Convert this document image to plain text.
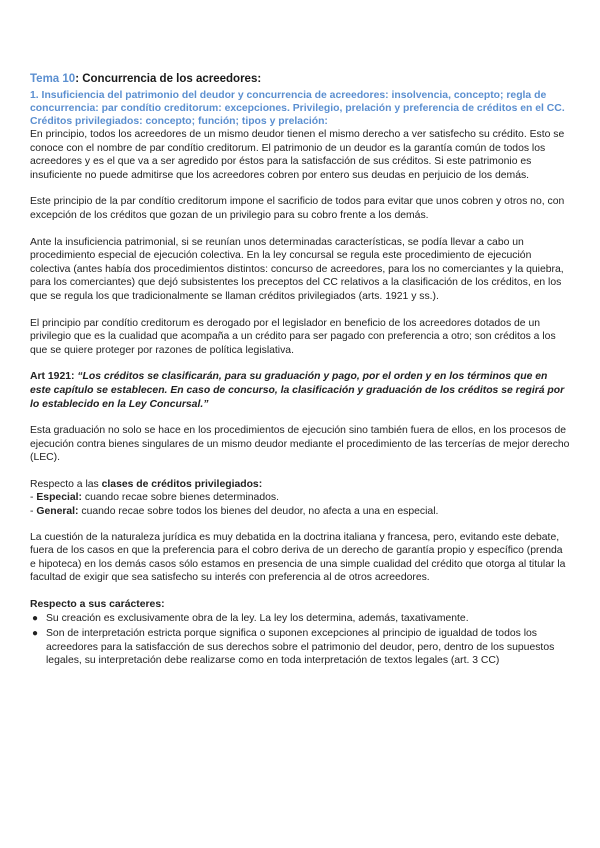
Tema 10: Concurrencia de los acreedores:
1. Insuficiencia del patrimonio del deudor y concurrencia de acreedores: insolvencia, concepto; regla de concurrencia: par condítio creditorum: excepciones. Privilegio, prelación y preferencia de créditos en el CC. Créditos privilegiados: concepto; función; tipos y prelación:

En principio, todos los acreedores de un mismo deudor tienen el mismo derecho a ver satisfecho su crédito. Esto se conoce con el nombre de par condítio creditorum. El patrimonio de un deudor es la garantía común de todos los acreedores y es el que va a ser agredido por éstos para la satisfacción de sus créditos. Si este patrimonio es insuficiente no puede admitirse que los acreedores cobren por entero sus deudas en perjuicio de los demás.

Este principio de la par condítio creditorum impone el sacrificio de todos para evitar que unos cobren y otros no, con excepción de los créditos que gozan de un privilegio para su cobro frente a los demás.

Ante la insuficiencia patrimonial, si se reunían unos determinadas características, se podía llevar a cabo un procedimiento especial de ejecución colectiva. En la ley concursal se regula este procedimiento de ejecución colectiva (antes había dos procedimientos distintos: concurso de acreedores, para los no comerciantes y la quiebra, para los comerciantes) que dejó subsistentes los preceptos del CC relativos a la clasificación de los créditos, en los que se regula los que tradicionalmente se llaman créditos privilegiados (arts. 1921 y ss.).

El principio par condítio creditorum es derogado por el legislador en beneficio de los acreedores dotados de un privilegio que es la cualidad que acompaña a un crédito para ser pagado con preferencia a otro; son créditos a los que se quiere proteger por razones de política legislativa.

Art 1921: “Los créditos se clasificarán, para su graduación y pago, por el orden y en los términos que en este capítulo se establecen. En caso de concurso, la clasificación y graduación de los créditos se regirá por lo establecido en la Ley Concursal.”

Esta graduación no solo se hace en los procedimientos de ejecución sino también fuera de ellos, en los procesos de ejecución contra bienes singulares de un mismo deudor mediante el procedimiento de las tercerías de mejor derecho (LEC).

Respecto a las clases de créditos privilegiados:

- Especial: cuando recae sobre bienes determinados.
- General: cuando recae sobre todos los bienes del deudor, no afecta a una en especial.

La cuestión de la naturaleza jurídica es muy debatida en la doctrina italiana y francesa, pero, evitando este debate, fuera de los casos en que la preferencia para el cobro deriva de un derecho de garantía propio y específico (prenda e hipoteca) en los demás casos sólo estamos en presencia de una simple cualidad del crédito que otorga al titular la facultad de exigir que sea satisfecho su interés con preferencia al de otros acreedores.

Respecto a sus carácteres:
● Su creación es exclusivamente obra de la ley. La ley los determina, además, taxativamente.
● Son de interpretación estricta porque significa o suponen excepciones al principio de igualdad de todos los acreedores para la satisfacción de sus derechos sobre el patrimonio del deudor, pero, dentro de los supuestos legales, su interpretación debe realizarse como en toda interpretación de textos legales (art. 3 CC)
